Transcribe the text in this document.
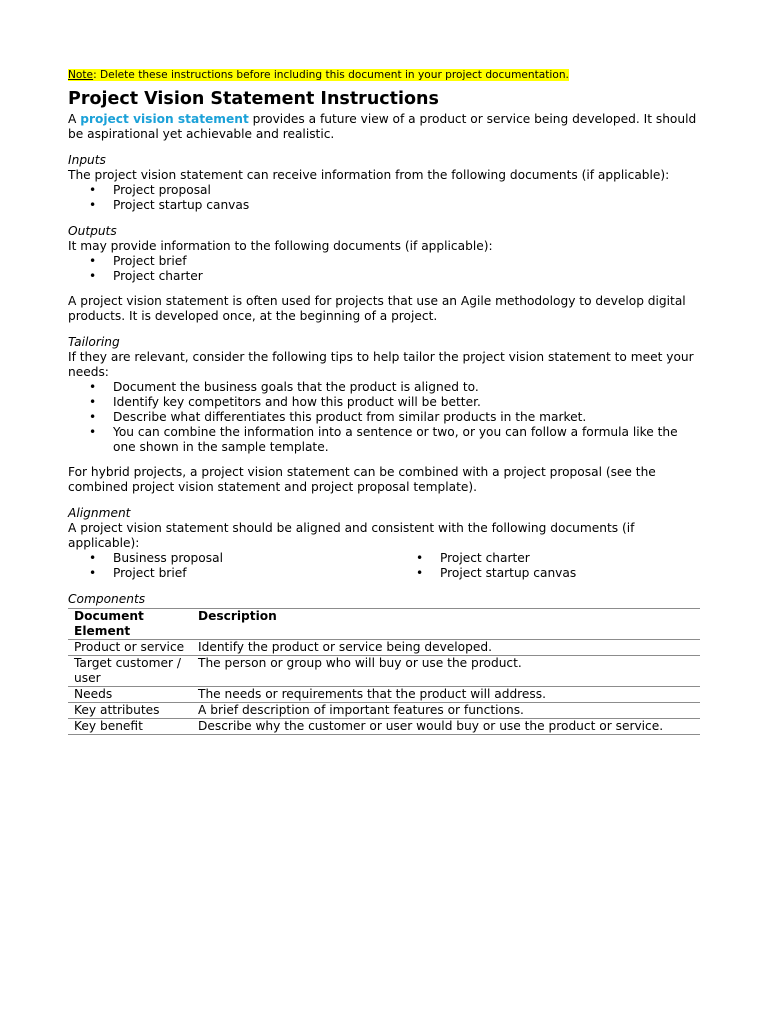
Note: Delete these instructions before including this document in your project documentation.

Project Vision Statement Instructions

A project vision statement provides a future view of a product or service being developed. It should be aspirational yet achievable and realistic.

Inputs

The project vision statement can receive information from the following documents (if applicable):

• Project proposal
• Project startup canvas

Outputs

It may provide information to the following documents (if applicable):

• Project brief
• Project charter

A project vision statement is often used for projects that use an Agile methodology to develop digital products. It is developed once, at the beginning of a project.

Tailoring

If they are relevant, consider the following tips to help tailor the project vision statement to meet your needs:

• Document the business goals that the product is aligned to.
• Identify key competitors and how this product will be better.
• Describe what differentiates this product from similar products in the market.
• You can combine the information into a sentence or two, or you can follow a formula like the one shown in the sample template.

For hybrid projects, a project vision statement can be combined with a project proposal (see the combined project vision statement and project proposal template).

Alignment

A project vision statement should be aligned and consistent with the following documents (if applicable):

• Business proposal
• Project brief
• Project charter
• Project startup canvas

Components

Document Element	Description
Product or service	Identify the product or service being developed.
Target customer / user	The person or group who will buy or use the product.
Needs	The needs or requirements that the product will address.
Key attributes	A brief description of important features or functions.
Key benefit	Describe why the customer or user would buy or use the product or service.
